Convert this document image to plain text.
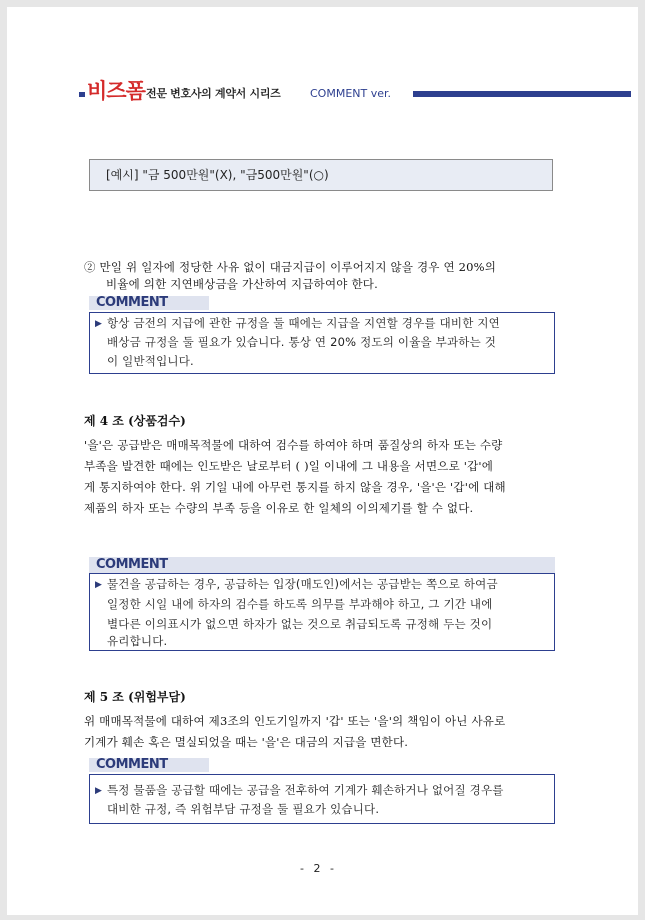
비즈폼 전문 변호사의 계약서 시리즈	COMMENT ver.
[예시] "금 500만원"(X), "금500만원"(○)
② 만일 위 일자에 정당한 사유 없이 대금지급이 이루어지지 않을 경우 연 20%의
비율에 의한 지연배상금을 가산하여 지급하여야 한다.
COMMENT
▶ 항상 금전의 지급에 관한 규정을 둘 때에는 지급을 지연할 경우를 대비한 지연
배상금 규정을 둘 필요가 있습니다. 통상 연 20% 정도의 이율을 부과하는 것
이 일반적입니다.
제 4 조 (상품검수)
'을'은 공급받은 매매목적물에 대하여 검수를 하여야 하며 품질상의 하자 또는 수량
부족을 발견한 때에는 인도받은 날로부터 ( )일 이내에 그 내용을 서면으로 '갑'에
게 통지하여야 한다. 위 기일 내에 아무런 통지를 하지 않을 경우, '을'은 '갑'에 대해
제품의 하자 또는 수량의 부족 등을 이유로 한 일체의 이의제기를 할 수 없다.
COMMENT
▶ 물건을 공급하는 경우, 공급하는 입장(매도인)에서는 공급받는 쪽으로 하여금
일정한 시일 내에 하자의 검수를 하도록 의무를 부과해야 하고, 그 기간 내에
별다른 이의표시가 없으면 하자가 없는 것으로 취급되도록 규정해 두는 것이
유리합니다.
제 5 조 (위험부담)
위 매매목적물에 대하여 제3조의 인도기일까지 '갑' 또는 '을'의 책임이 아닌 사유로
기계가 훼손 혹은 멸실되었을 때는 '을'은 대금의 지급을 면한다.
COMMENT
▶ 특정 물품을 공급할 때에는 공급을 전후하여 기계가 훼손하거나 없어질 경우를
대비한 규정, 즉 위험부담 규정을 둘 필요가 있습니다.
- 2 -
